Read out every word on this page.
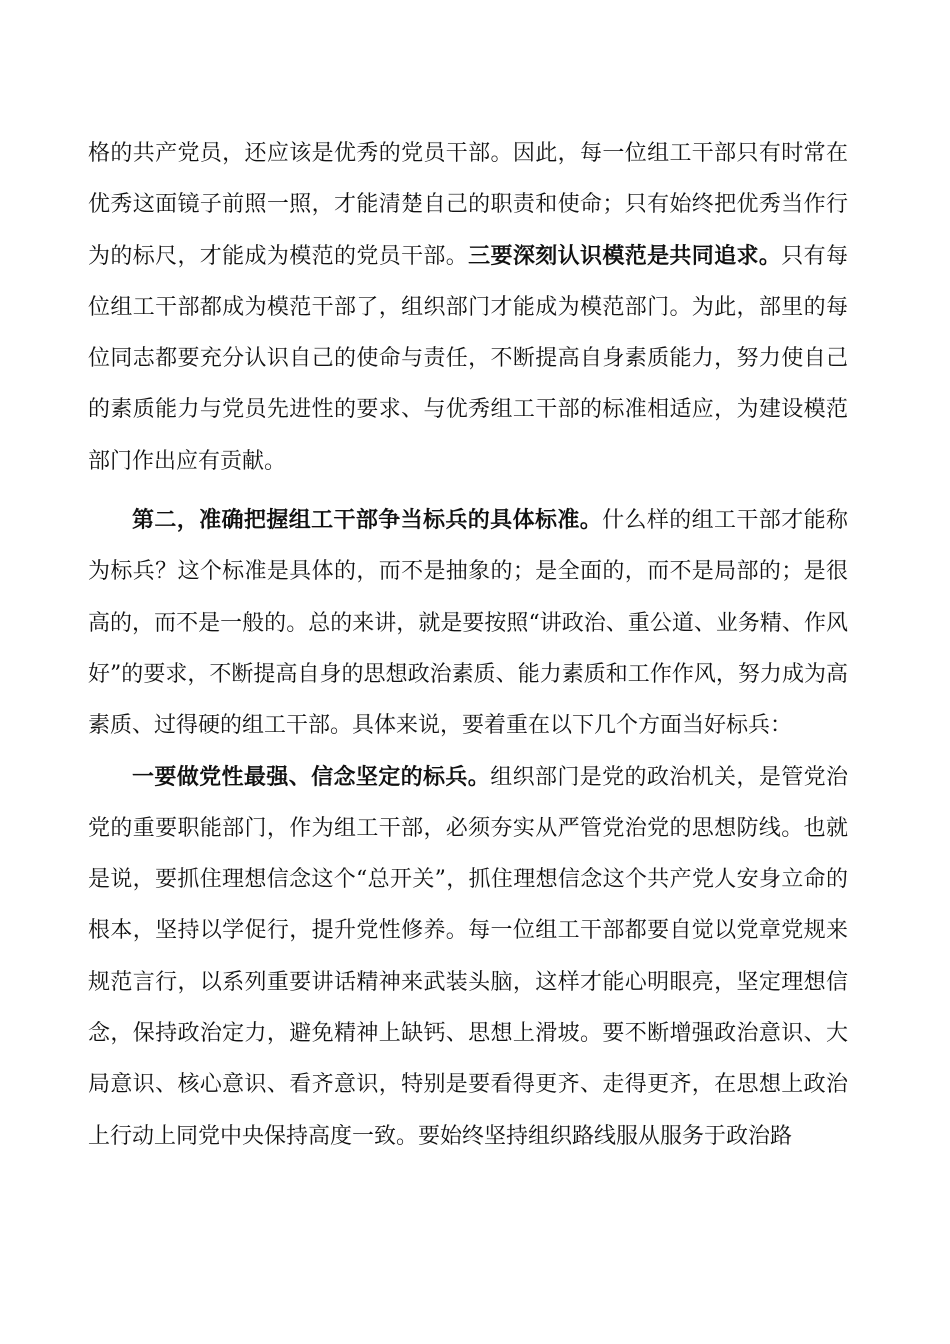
格的共产党员，还应该是优秀的党员干部。因此，每一位组工干部只有时常在优秀这面镜子前照一照，才能清楚自己的职责和使命；只有始终把优秀当作行为的标尺，才能成为模范的党员干部。三要深刻认识模范是共同追求。只有每位组工干部都成为模范干部了，组织部门才能成为模范部门。为此，部里的每位同志都要充分认识自己的使命与责任，不断提高自身素质能力，努力使自己的素质能力与党员先进性的要求、与优秀组工干部的标准相适应，为建设模范部门作出应有贡献。

第二，准确把握组工干部争当标兵的具体标准。什么样的组工干部才能称为标兵？这个标准是具体的，而不是抽象的；是全面的，而不是局部的；是很高的，而不是一般的。总的来讲，就是要按照“讲政治、重公道、业务精、作风好”的要求，不断提高自身的思想政治素质、能力素质和工作作风，努力成为高素质、过得硬的组工干部。具体来说，要着重在以下几个方面当好标兵：

一要做党性最强、信念坚定的标兵。组织部门是党的政治机关，是管党治党的重要职能部门，作为组工干部，必须夯实从严管党治党的思想防线。也就是说，要抓住理想信念这个“总开关”，抓住理想信念这个共产党人安身立命的根本，坚持以学促行，提升党性修养。每一位组工干部都要自觉以党章党规来规范言行，以系列重要讲话精神来武装头脑，这样才能心明眼亮，坚定理想信念，保持政治定力，避免精神上缺钙、思想上滑坡。要不断增强政治意识、大局意识、核心意识、看齐意识，特别是要看得更齐、走得更齐，在思想上政治上行动上同党中央保持高度一致。要始终坚持组织路线服从服务于政治路
